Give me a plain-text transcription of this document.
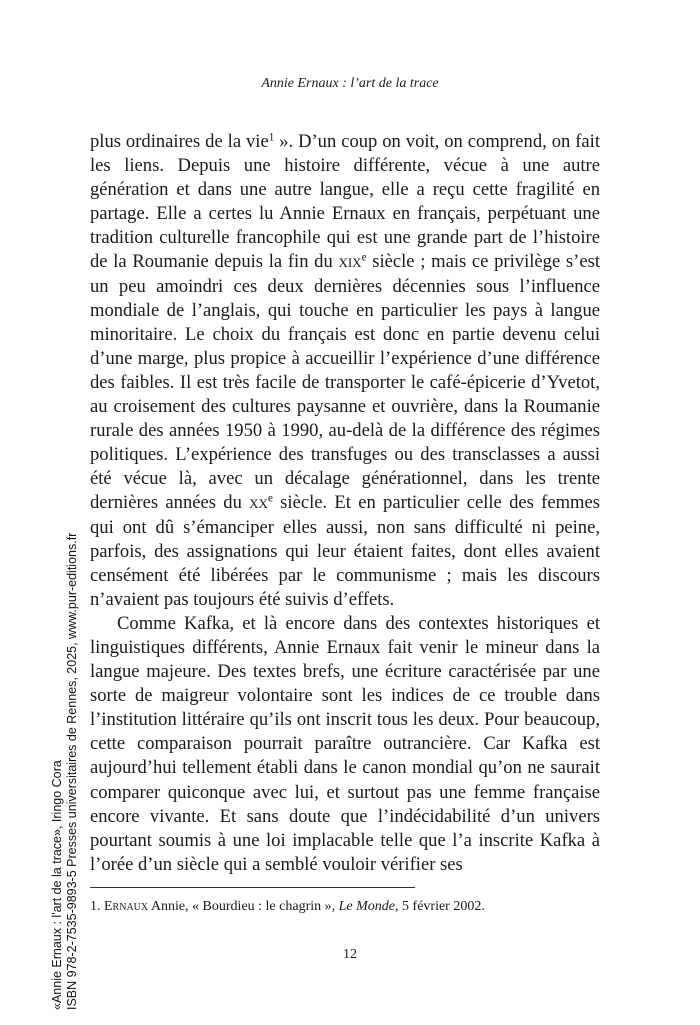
Annie Ernaux : l’art de la trace

plus ordinaires de la vie$^1$ ». D’un coup on voit, on comprend, on fait les liens. Depuis une histoire différente, vécue à une autre génération et dans une autre langue, elle a reçu cette fragilité en partage. Elle a certes lu Annie Ernaux en français, perpétuant une tradition culturelle francophile qui est une grande part de l’histoire de la Roumanie depuis la fin du xix$^e$ siècle ; mais ce privilège s’est un peu amoindri ces deux dernières décennies sous l’influence mondiale de l’anglais, qui touche en particulier les pays à langue minoritaire. Le choix du français est donc en partie devenu celui d’une marge, plus propice à accueillir l’expérience d’une différence des faibles. Il est très facile de transporter le café-épicerie d’Yvetot, au croisement des cultures paysanne et ouvrière, dans la Roumanie rurale des années 1950 à 1990, au-delà de la différence des régimes politiques. L’expérience des transfuges ou des transclasses a aussi été vécue là, avec un décalage générationnel, dans les trente dernières années du $xx^e$ siècle. Et en particulier celle des femmes qui ont dû s’émanciper elles aussi, non sans difficulté ni peine, parfois, des assignations qui leur étaient faites, dont elles avaient censément été libérées par le communisme ; mais les discours n’avaient pas toujours été suivis d’effets.

Comme Kafka, et là encore dans des contextes historiques et linguistiques différents, Annie Ernaux fait venir le mineur dans la langue majeure. Des textes brefs, une écriture caractérisée par une sorte de maigreur volontaire sont les indices de ce trouble dans l’institution littéraire qu’ils ont inscrit tous les deux. Pour beaucoup, cette comparaison pourrait paraître outrancière. Car Kafka est aujourd’hui tellement établi dans le canon mondial qu’on ne saurait comparer quiconque avec lui, et surtout pas une femme française encore vivante. Et sans doute que l’indécidabilité d’un univers pourtant soumis à une loi implacable telle que l’a inscrite Kafka à l’orée d’un siècle qui a semblé vouloir vérifier ses

1. Ernaux Annie, « Bourdieu : le chagrin », Le Monde, 5 février 2002.
12
«Annie Ernaux : l'art de la trace», Iringo Cora ISBN 978-2-7535-9893-5 Presses universitaires de Rennes, 2025, www.pur-editions.fr
